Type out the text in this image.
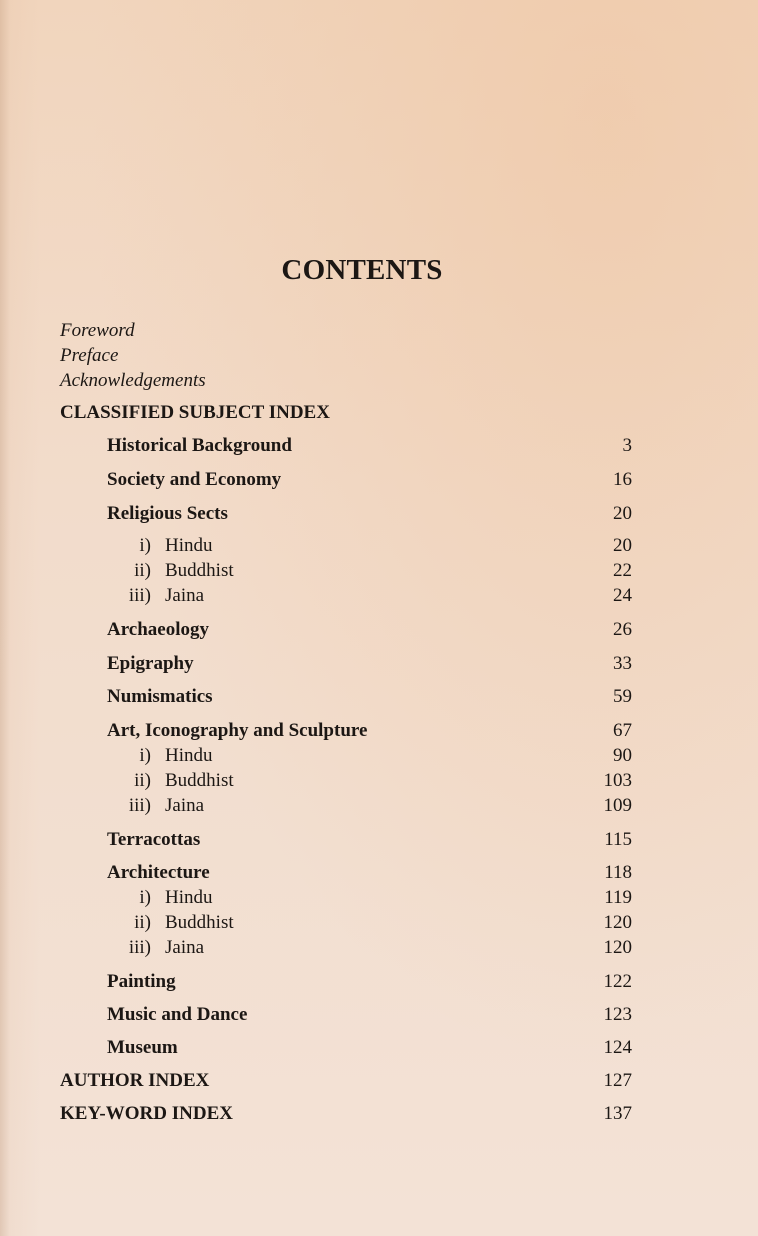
CONTENTS
Foreword
Preface
Acknowledgements
CLASSIFIED SUBJECT INDEX
Historical Background	3
Society and Economy	16
Religious Sects	20
i) Hindu	20
ii) Buddhist	22
iii) Jaina	24
Archaeology	26
Epigraphy	33
Numismatics	59
Art, Iconography and Sculpture	67
i) Hindu	90
ii) Buddhist	103
iii) Jaina	109
Terracottas	115
Architecture	118
i) Hindu	119
ii) Buddhist	120
iii) Jaina	120
Painting	122
Music and Dance	123
Museum	124
AUTHOR INDEX	127
KEY-WORD INDEX	137
